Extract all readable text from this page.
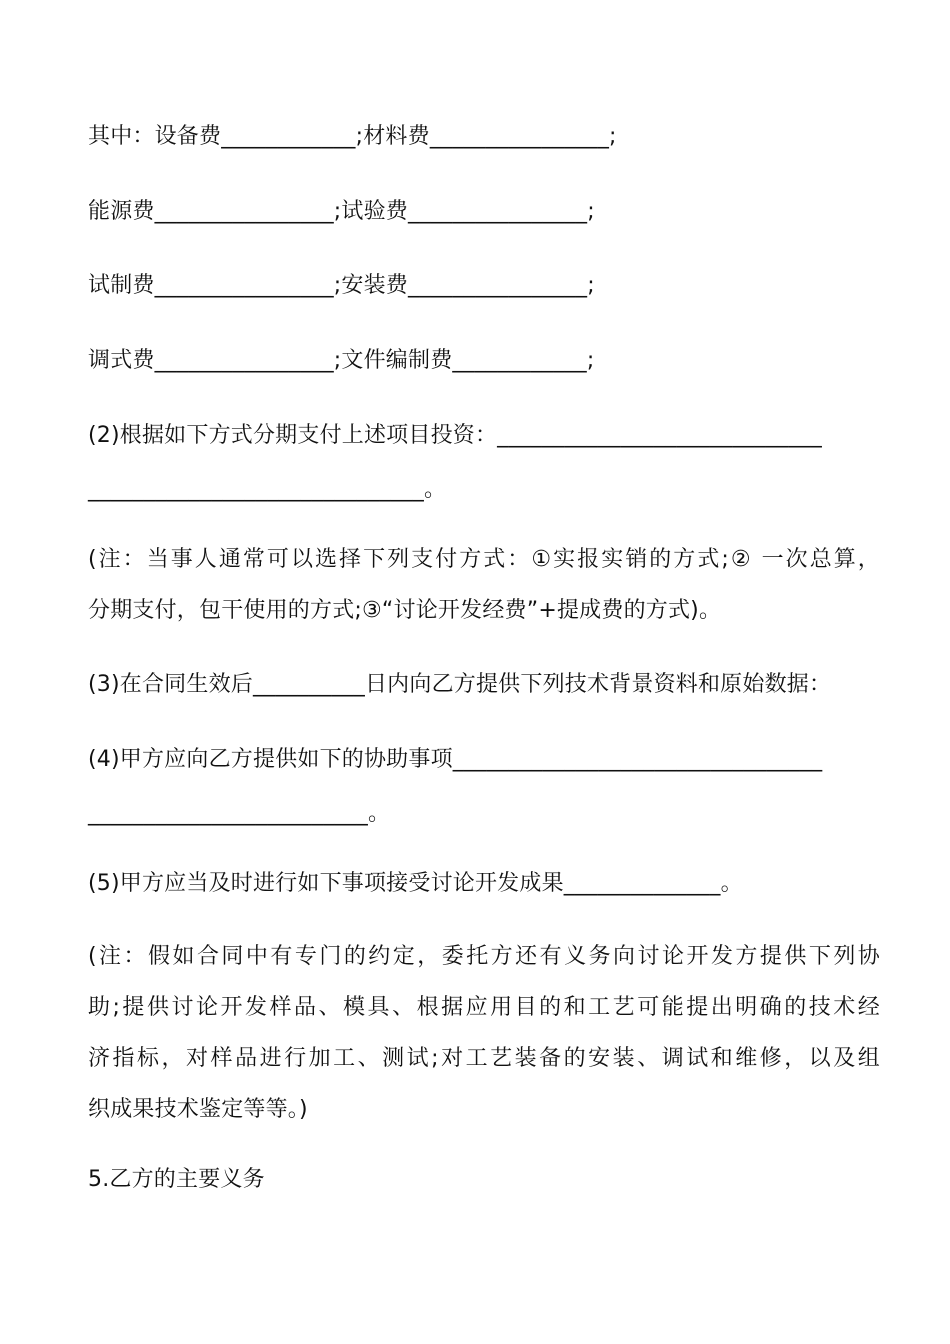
其中：设备费____________;材料费________________;
能源费________________;试验费________________;
试制费________________;安装费________________;
调式费________________;文件编制费____________;
(2)根据如下方式分期支付上述项目投资：_____________________________
______________________________。
(注：当事人通常可以选择下列支付方式：①实报实销的方式;② 一次总算，
分期支付，包干使用的方式;③“讨论开发经费”+提成费的方式)。
(3)在合同生效后__________日内向乙方提供下列技术背景资料和原始数据：
(4)甲方应向乙方提供如下的协助事项_________________________________
_________________________。
(5)甲方应当及时进行如下事项接受讨论开发成果______________。
(注：假如合同中有专门的约定，委托方还有义务向讨论开发方提供下列协
助;提供讨论开发样品、模具、根据应用目的和工艺可能提出明确的技术经
济指标，对样品进行加工、测试;对工艺装备的安装、调试和维修，以及组
织成果技术鉴定等等。)
5.乙方的主要义务
